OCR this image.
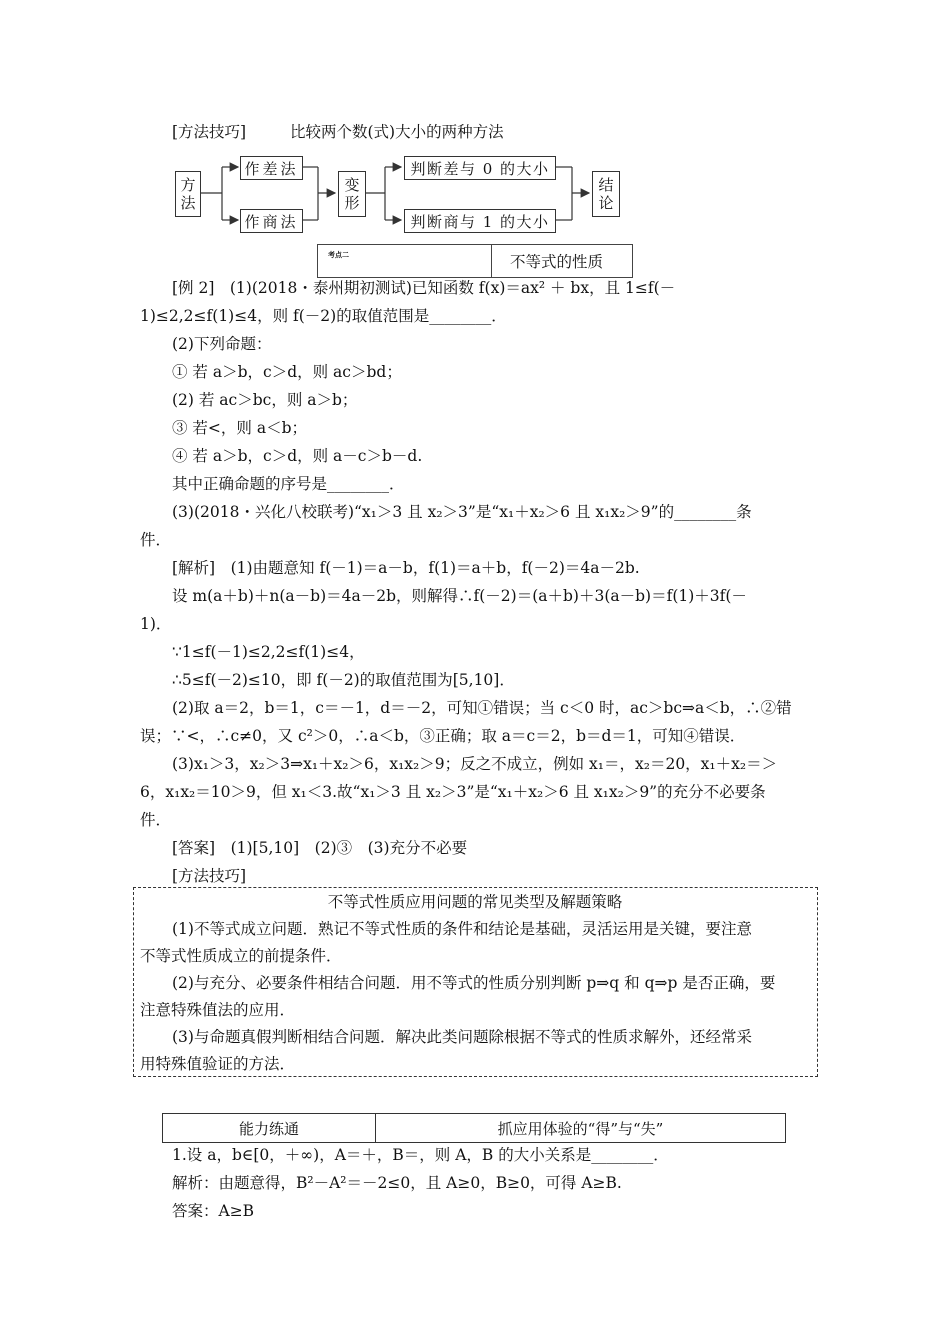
[方法技巧]	比较两个数(式)大小的两种方法
方
法
作差法
作商法
变
形
判断差与 0 的大小
判断商与 1 的大小
结
论
考点二	不等式的性质
[例 2]　(1)(2018・泰州期初测试)已知函数 f(x)＝ax² ＋ bx，且 1≤f(－
1)≤2,2≤f(1)≤4，则 f(－2)的取值范围是________．
(2)下列命题：
① 若 a＞b，c＞d，则 ac＞bd；
(2) 若 ac＞bc，则 a＞b；
③ 若<，则 a＜b；
④ 若 a＞b，c＞d，则 a－c＞b－d.
其中正确命题的序号是________．
(3)(2018・兴化八校联考)“x₁＞3 且 x₂＞3”是“x₁＋x₂＞6 且 x₁x₂＞9”的________条
件．
[解析]　(1)由题意知 f(－1)＝a－b，f(1)＝a＋b，f(－2)＝4a－2b.
设 m(a＋b)＋n(a－b)＝4a－2b，则解得∴f(－2)＝(a＋b)＋3(a－b)＝f(1)＋3f(－
1)．
∵1≤f(－1)≤2,2≤f(1)≤4，
∴5≤f(－2)≤10，即 f(－2)的取值范围为[5,10]．
(2)取 a＝2，b＝1，c＝－1，d＝－2，可知①错误；当 c＜0 时，ac＞bc⇒a＜b，∴②错
误；∵<，∴c≠0，又 c²＞0，∴a＜b，③正确；取 a＝c＝2，b＝d＝1，可知④错误．
(3)x₁＞3，x₂＞3⇒x₁＋x₂＞6，x₁x₂＞9；反之不成立，例如 x₁＝，x₂＝20，x₁＋x₂＝＞
6，x₁x₂＝10＞9，但 x₁＜3.故“x₁＞3 且 x₂＞3”是“x₁＋x₂＞6 且 x₁x₂＞9”的充分不必要条
件．
[答案]　(1)[5,10]　(2)③　(3)充分不必要
[方法技巧]
不等式性质应用问题的常见类型及解题策略
(1)不等式成立问题．熟记不等式性质的条件和结论是基础，灵活运用是关键，要注意
不等式性质成立的前提条件．
(2)与充分、必要条件相结合问题．用不等式的性质分别判断 p⇒q 和 q⇒p 是否正确，要
注意特殊值法的应用．
(3)与命题真假判断相结合问题．解决此类问题除根据不等式的性质求解外，还经常采
用特殊值验证的方法．
能力练通	抓应用体验的“得”与“失”
1.设 a，b∈[0，＋∞)，A＝＋，B＝，则 A，B 的大小关系是________．
解析：由题意得，B²－A²＝－2≤0，且 A≥0，B≥0，可得 A≥B.
答案：A≥B
